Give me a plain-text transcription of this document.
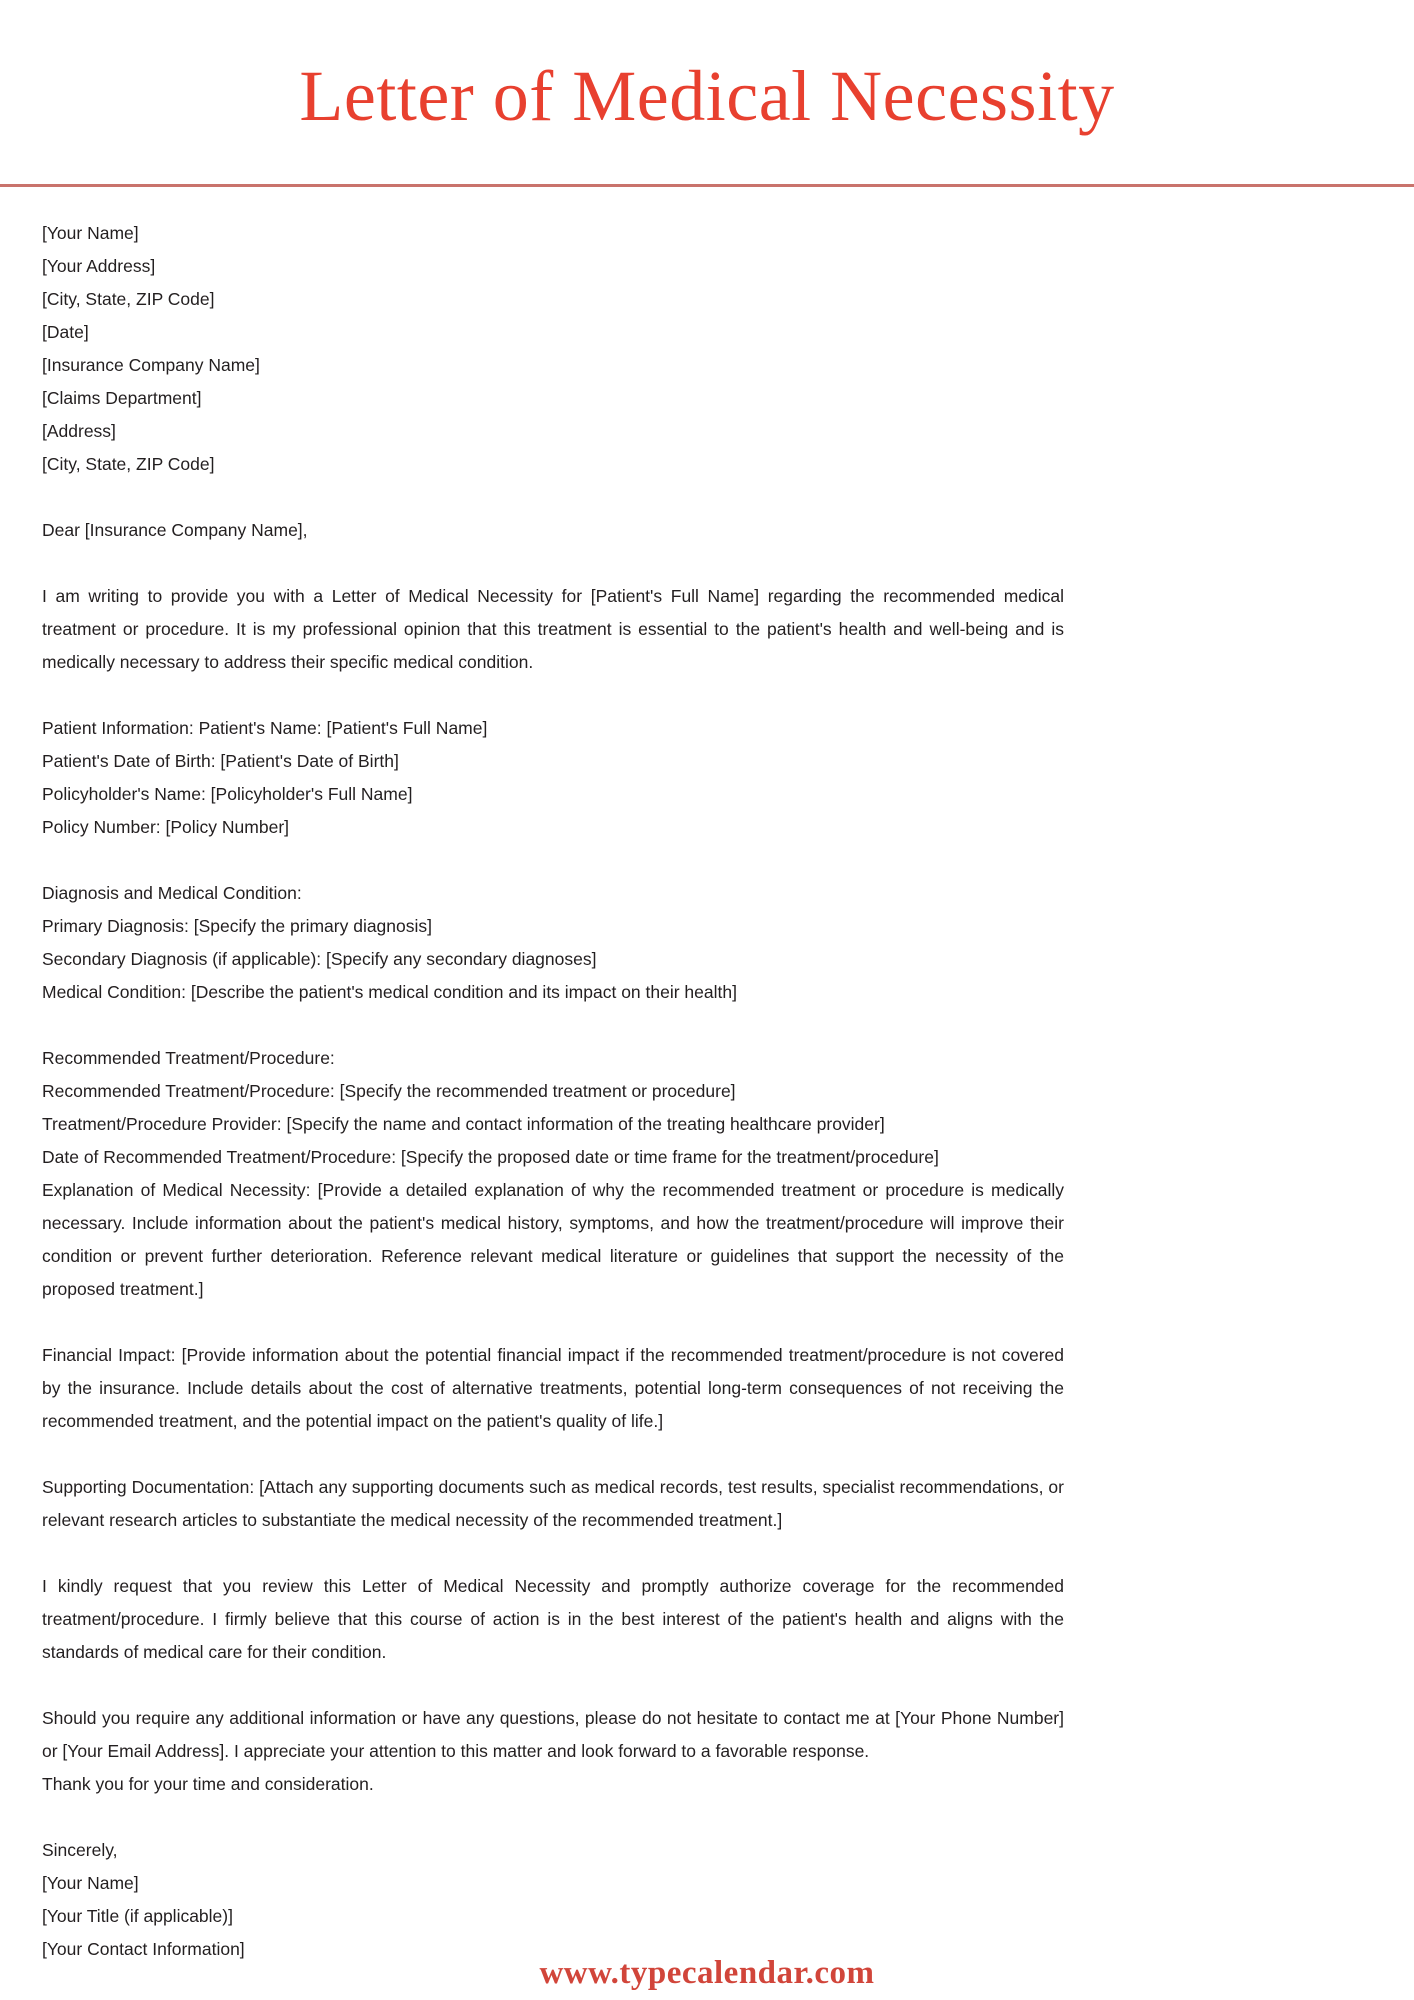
Letter of Medical Necessity
[Your Name]
[Your Address]
[City, State, ZIP Code]
[Date]
[Insurance Company Name]
[Claims Department]
[Address]
[City, State, ZIP Code]
Dear [Insurance Company Name],
I am writing to provide you with a Letter of Medical Necessity for [Patient's Full Name] regarding the recommended medical treatment or procedure. It is my professional opinion that this treatment is essential to the patient's health and well-being and is medically necessary to address their specific medical condition.
Patient Information: Patient's Name: [Patient's Full Name]
Patient's Date of Birth: [Patient's Date of Birth]
Policyholder's Name: [Policyholder's Full Name]
Policy Number: [Policy Number]
Diagnosis and Medical Condition:
Primary Diagnosis: [Specify the primary diagnosis]
Secondary Diagnosis (if applicable): [Specify any secondary diagnoses]
Medical Condition: [Describe the patient's medical condition and its impact on their health]
Recommended Treatment/Procedure:
Recommended Treatment/Procedure: [Specify the recommended treatment or procedure]
Treatment/Procedure Provider: [Specify the name and contact information of the treating healthcare provider]
Date of Recommended Treatment/Procedure: [Specify the proposed date or time frame for the treatment/procedure]
Explanation of Medical Necessity: [Provide a detailed explanation of why the recommended treatment or procedure is medically necessary. Include information about the patient's medical history, symptoms, and how the treatment/procedure will improve their condition or prevent further deterioration. Reference relevant medical literature or guidelines that support the necessity of the proposed treatment.]
Financial Impact: [Provide information about the potential financial impact if the recommended treatment/procedure is not covered by the insurance. Include details about the cost of alternative treatments, potential long-term consequences of not receiving the recommended treatment, and the potential impact on the patient's quality of life.]
Supporting Documentation: [Attach any supporting documents such as medical records, test results, specialist recommendations, or relevant research articles to substantiate the medical necessity of the recommended treatment.]
I kindly request that you review this Letter of Medical Necessity and promptly authorize coverage for the recommended treatment/procedure. I firmly believe that this course of action is in the best interest of the patient's health and aligns with the standards of medical care for their condition.
Should you require any additional information or have any questions, please do not hesitate to contact me at [Your Phone Number] or [Your Email Address]. I appreciate your attention to this matter and look forward to a favorable response.
Thank you for your time and consideration.
Sincerely,
[Your Name]
[Your Title (if applicable)]
[Your Contact Information]
www.typecalendar.com
